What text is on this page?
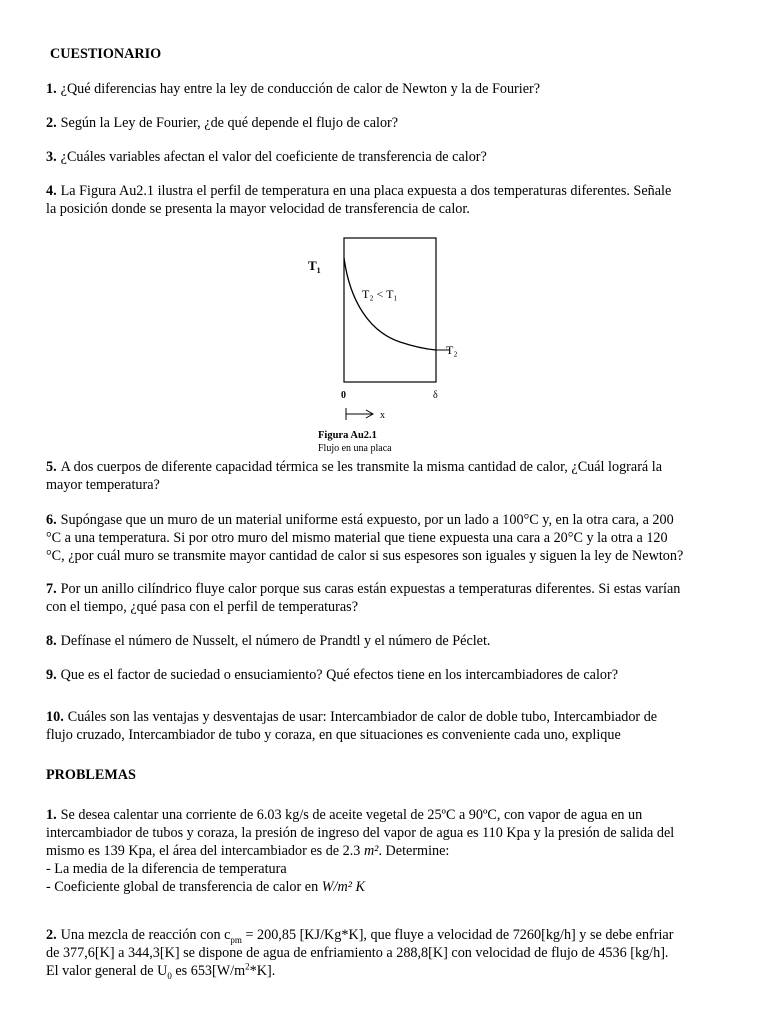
CUESTIONARIO
1. ¿Qué diferencias hay entre la ley de conducción de calor de Newton y la de Fourier?
2. Según la Ley de Fourier, ¿de qué depende el flujo de calor?
3. ¿Cuáles variables afectan el valor del coeficiente de transferencia de calor?
4. La Figura Au2.1 ilustra el perfil de temperatura en una placa expuesta a dos temperaturas diferentes. Señale
la posición donde se presenta la mayor velocidad de transferencia de calor.
$T_1$
T₂ < T₁
T₂
0	δ
x
Figura Au2.1
Flujo en una placa
5. A dos cuerpos de diferente capacidad térmica se les transmite la misma cantidad de calor, ¿Cuál logrará la
mayor temperatura?
6. Supóngase que un muro de un material uniforme está expuesto, por un lado a 100°C y, en la otra cara, a 200
°C a una temperatura. Si por otro muro del mismo material que tiene expuesta una cara a 20°C y la otra a 120
°C, ¿por cuál muro se transmite mayor cantidad de calor si sus espesores son iguales y siguen la ley de Newton?
7. Por un anillo cilíndrico fluye calor porque sus caras están expuestas a temperaturas diferentes. Si estas varían
con el tiempo, ¿qué pasa con el perfil de temperaturas?
8. Defínase el número de Nusselt, el número de Prandtl y el número de Péclet.
9. Que es el factor de suciedad o ensuciamiento? Qué efectos tiene en los intercambiadores de calor?
10. Cuáles son las ventajas y desventajas de usar: Intercambiador de calor de doble tubo, Intercambiador de
flujo cruzado, Intercambiador de tubo y coraza, en que situaciones es conveniente cada uno, explique
PROBLEMAS
1. Se desea calentar una corriente de 6.03 kg/s de aceite vegetal de 25ºC a 90ºC, con vapor de agua en un
intercambiador de tubos y coraza, la presión de ingreso del vapor de agua es 110 Kpa y la presión de salida del
mismo es 139 Kpa, el área del intercambiador es de 2.3 m². Determine:
- La media de la diferencia de temperatura
- Coeficiente global de transferencia de calor en W/m² K
2. Una mezcla de reacción con $c_{pm} = 200,85$ [KJ/Kg*K], que fluye a velocidad de 7260[kg/h] y se debe enfriar
de 377,6[K] a 344,3[K] se dispone de agua de enfriamiento a 288,8[K] con velocidad de flujo de 4536 [kg/h].
El valor general de $U_0$ es $653[W/m^2*K]$.
